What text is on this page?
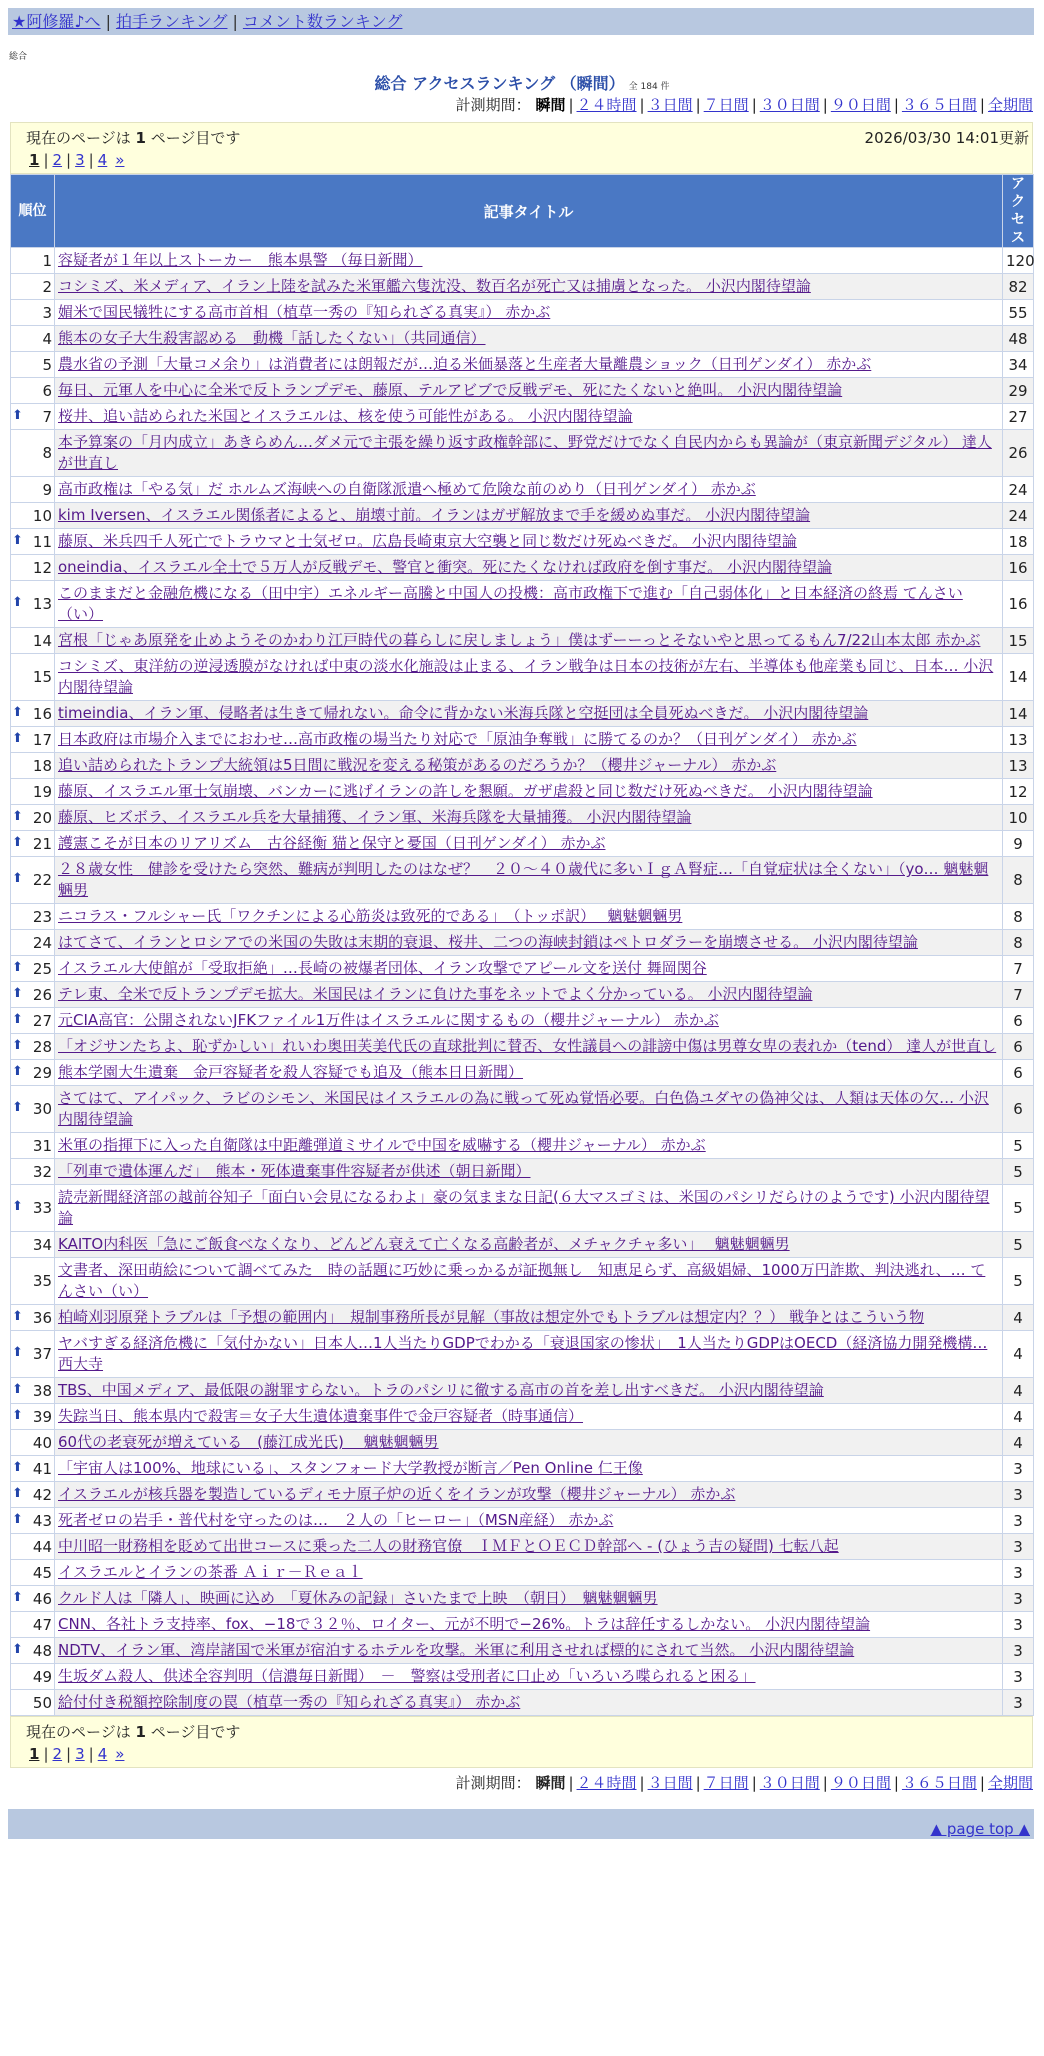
★阿修羅♪へ | 拍手ランキング | コメント数ランキング
総合
総合 アクセスランキング （瞬間） 全 184 件
計測期間： 瞬間 | ２４時間 | ３日間 | ７日間 | ３０日間 | ９０日間 | ３６５日間 | 全期間
現在のページは 1 ページ目です	2026/03/30 14:01更新
1 | 2 | 3 | 4 »
順位	記事タイトル	アクセス
1	容疑者が１年以上ストーカー　熊本県警 （毎日新聞）	120
2	コシミズ、米メディア、イラン上陸を試みた米軍艦六隻沈没、数百名が死亡又は捕虜となった。 小沢内閣待望論	82
3	媚米で国民犠牲にする高市首相（植草一秀の『知られざる真実』） 赤かぶ	55
4	熊本の女子大生殺害認める　動機「話したくない」（共同通信）	48
5	農水省の予測「大量コメ余り」は消費者には朗報だが…迫る米価暴落と生産者大量離農ショック（日刊ゲンダイ） 赤かぶ	34
6	毎日、元軍人を中心に全米で反トランプデモ、藤原、テルアビブで反戦デモ、死にたくないと絶叫。 小沢内閣待望論	29

⬆ 7	桜井、追い詰められた米国とイスラエルは、核を使う可能性がある。 小沢内閣待望論	27
8	本予算案の「月内成立」あきらめん…ダメ元で主張を繰り返す政権幹部に、野党だけでなく自民内からも異論が（東京新聞デジタル） 達人が世直し	26
9	高市政権は「やる気」だ ホルムズ海峡への自衛隊派遣へ極めて危険な前のめり（日刊ゲンダイ） 赤かぶ	24
10	kim Iversen、イスラエル関係者によると、崩壊寸前。イランはガザ解放まで手を緩めぬ事だ。 小沢内閣待望論	24

⬆ 11	藤原、米兵四千人死亡でトラウマと士気ゼロ。広島長崎東京大空襲と同じ数だけ死ぬべきだ。 小沢内閣待望論	18
12	oneindia、イスラエル全土で５万人が反戦デモ、警官と衝突。死にたくなければ政府を倒す事だ。 小沢内閣待望論	16

⬆ 13	このままだと金融危機になる（田中宇）エネルギー高騰と中国人の投機：高市政権下で進む「自己弱体化」と日本経済の終焉 てんさい（い）	16
14	宮根「じゃあ原発を止めようそのかわり江戸時代の暮らしに戻しましょう」僕はずーーっとそないやと思ってるもん7/22山本太郎 赤かぶ	15
15	コシミズ、東洋紡の逆浸透膜がなければ中東の淡水化施設は止まる、イラン戦争は日本の技術が左右、半導体も他産業も同じ、日本… 小沢内閣待望論	14

⬆ 16	timeindia、イラン軍、侵略者は生きて帰れない。命令に背かない米海兵隊と空挺団は全員死ぬべきだ。 小沢内閣待望論	14

⬆ 17	日本政府は市場介入までにおわせ…高市政権の場当たり対応で「原油争奪戦」に勝てるのか？（日刊ゲンダイ） 赤かぶ	13
18	追い詰められたトランプ大統領は5日間に戦況を変える秘策があるのだろうか？（櫻井ジャーナル） 赤かぶ	13
19	藤原、イスラエル軍士気崩壊、バンカーに逃げイランの許しを懇願。ガザ虐殺と同じ数だけ死ぬべきだ。 小沢内閣待望論	12

⬆ 20	藤原、ヒズボラ、イスラエル兵を大量捕獲、イラン軍、米海兵隊を大量捕獲。 小沢内閣待望論	10

⬆ 21	護憲こそが日本のリアリズム　古谷経衡 猫と保守と憂国（日刊ゲンダイ） 赤かぶ	9

⬆ 22	２８歳女性　健診を受けたら突然、難病が判明したのはなぜ？　２０～４０歳代に多いＩｇＡ腎症…「自覚症状は全くない」（yo… 魑魅魍魎男	8
23	ニコラス・フルシャー氏「ワクチンによる心筋炎は致死的である」　（トッポ訳）　 魑魅魍魎男	8
24	はてさて、イランとロシアでの米国の失敗は末期的衰退、桜井、二つの海峡封鎖はペトロダラーを崩壊させる。 小沢内閣待望論	8

⬆ 25	イスラエル大使館が「受取拒絶」…長崎の被爆者団体、イラン攻撃でアピール文を送付 舞岡関谷	7

⬆ 26	テレ東、全米で反トランプデモ拡大。米国民はイランに負けた事をネットでよく分かっている。 小沢内閣待望論	7

⬆ 27	元CIA高官：公開されないJFKファイル1万件はイスラエルに関するもの（櫻井ジャーナル） 赤かぶ	6

⬆ 28	「オジサンたちよ、恥ずかしい」れいわ奥田芙美代氏の直球批判に賛否、女性議員への誹謗中傷は男尊女卑の表れか（tend） 達人が世直し	6

⬆ 29	熊本学園大生遺棄　金戸容疑者を殺人容疑でも追及（熊本日日新聞）	6

⬆ 30	さてはて、アイパック、ラビのシモン、米国民はイスラエルの為に戦って死ぬ覚悟必要。白色偽ユダヤの偽神父は、人類は天体の欠… 小沢内閣待望論	6
31	米軍の指揮下に入った自衛隊は中距離弾道ミサイルで中国を威嚇する（櫻井ジャーナル） 赤かぶ	5
32	「列車で遺体運んだ」　熊本・死体遺棄事件容疑者が供述（朝日新聞）	5

⬆ 33	読売新聞経済部の越前谷知子「面白い会見になるわよ」豪の気ままな日記(６大マスゴミは、米国のパシリだらけのようです) 小沢内閣待望論	5
34	KAITO内科医「急にご飯食べなくなり、どんどん衰えて亡くなる高齢者が、メチャクチャ多い」　 魑魅魍魎男	5
35	文書者、深田萌絵について調べてみた　時の話題に巧妙に乗っかるが証拠無し　知恵足らず、高級娼婦、1000万円詐欺、判決逃れ、… てんさい（い）	5

⬆ 36	柏崎刈羽原発トラブルは「予想の範囲内」　規制事務所長が見解（事故は想定外でもトラブルは想定内？？） 戦争とはこういう物	4

⬆ 37	ヤバすぎる経済危機に「気付かない」日本人…1人当たりGDPでわかる「衰退国家の惨状」　1人当たりGDPはOECD（経済協力開発機構… 西大寺	4

⬆ 38	TBS、中国メディア、最低限の謝罪すらない。トラのパシリに徹する高市の首を差し出すべきだ。 小沢内閣待望論	4

⬆ 39	失踪当日、熊本県内で殺害＝女子大生遺体遺棄事件で金戸容疑者（時事通信）	4
40	60代の老衰死が増えている　(藤江成光氏)　 魑魅魍魎男	4

⬆ 41	「宇宙人は100%、地球にいる」、スタンフォード大学教授が断言／Pen Online 仁王像	3

⬆ 42	イスラエルが核兵器を製造しているディモナ原子炉の近くをイランが攻撃（櫻井ジャーナル） 赤かぶ	3

⬆ 43	死者ゼロの岩手・普代村を守ったのは…　２人の「ヒーロー」（MSN産経） 赤かぶ	3
44	中川昭一財務相を貶めて出世コースに乗った二人の財務官僚　ＩＭＦとＯＥＣＤ幹部へ - (ひょう吉の疑問) 七転八起	3
45	イスラエルとイランの茶番 Ａｉｒ－Ｒｅａｌ	3

⬆ 46	クルド人は「隣人」、映画に込め　「夏休みの記録」さいたまで上映　（朝日）　魑魅魍魎男	3
47	CNN、各社トラ支持率、fox、−18で３２％、ロイター、元が不明で−26%。トラは辞任するしかない。 小沢内閣待望論	3

⬆ 48	NDTV、イラン軍、湾岸諸国で米軍が宿泊するホテルを攻撃。米軍に利用させれば標的にされて当然。 小沢内閣待望論	3
49	生坂ダム殺人、供述全容判明（信濃毎日新聞）　－　警察は受刑者に口止め「いろいろ喋られると困る」	3
50	給付付き税額控除制度の罠（植草一秀の『知られざる真実』） 赤かぶ	3
現在のページは 1 ページ目です
1 | 2 | 3 | 4 »
計測期間： 瞬間 | ２４時間 | ３日間 | ７日間 | ３０日間 | ９０日間 | ３６５日間 | 全期間
▲ page top ▲
